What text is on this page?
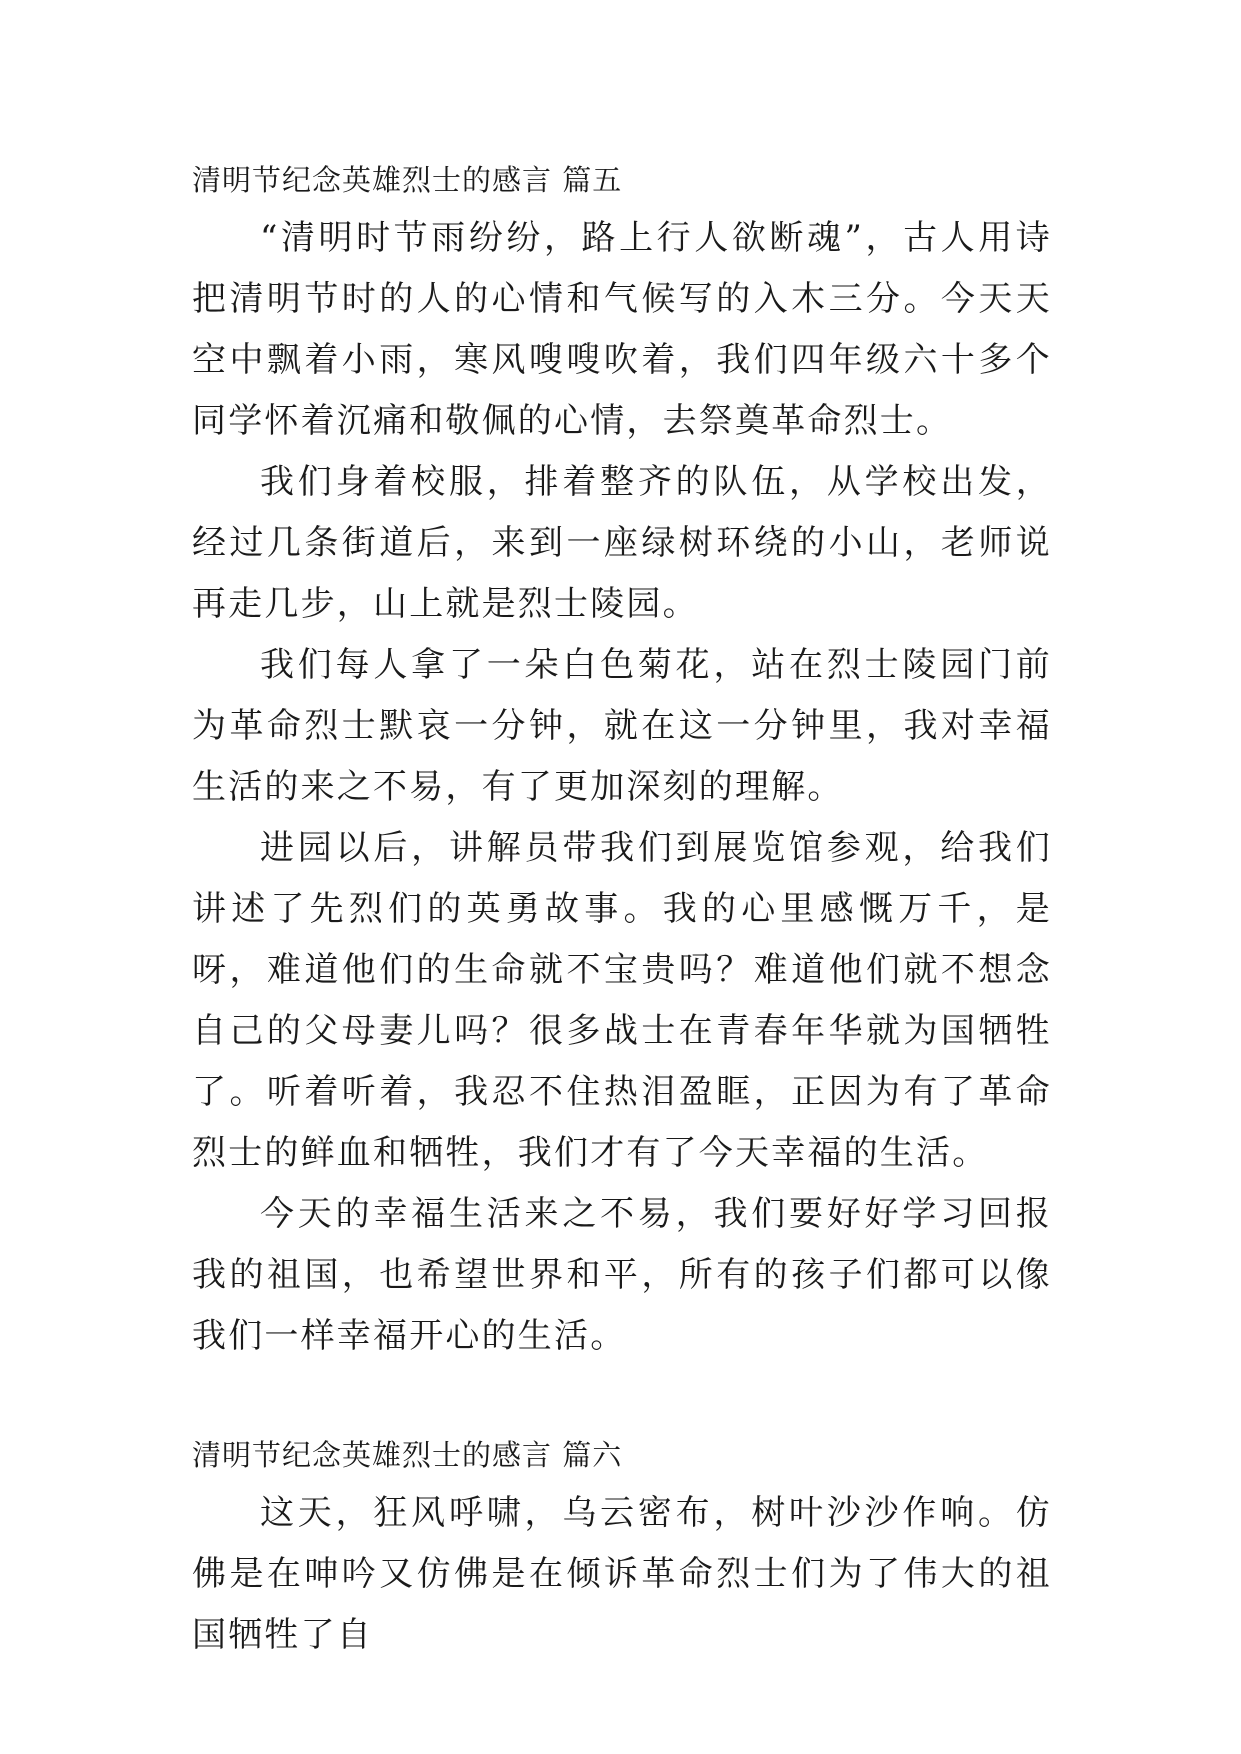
清明节纪念英雄烈士的感言 篇五

“清明时节雨纷纷，路上行人欲断魂”，古人用诗把清明节时的人的心情和气候写的入木三分。今天天空中飘着小雨，寒风嗖嗖吹着，我们四年级六十多个同学怀着沉痛和敬佩的心情，去祭奠革命烈士。

我们身着校服，排着整齐的队伍，从学校出发，经过几条街道后，来到一座绿树环绕的小山，老师说再走几步，山上就是烈士陵园。

我们每人拿了一朵白色菊花，站在烈士陵园门前为革命烈士默哀一分钟，就在这一分钟里，我对幸福生活的来之不易，有了更加深刻的理解。

进园以后，讲解员带我们到展览馆参观，给我们讲述了先烈们的英勇故事。我的心里感慨万千，是呀，难道他们的生命就不宝贵吗？难道他们就不想念自己的父母妻儿吗？很多战士在青春年华就为国牺牲了。听着听着，我忍不住热泪盈眶，正因为有了革命烈士的鲜血和牺牲，我们才有了今天幸福的生活。

今天的幸福生活来之不易，我们要好好学习回报我的祖国，也希望世界和平，所有的孩子们都可以像我们一样幸福开心的生活。

清明节纪念英雄烈士的感言 篇六

这天，狂风呼啸，乌云密布，树叶沙沙作响。仿佛是在呻吟又仿佛是在倾诉革命烈士们为了伟大的祖国牺牲了自
